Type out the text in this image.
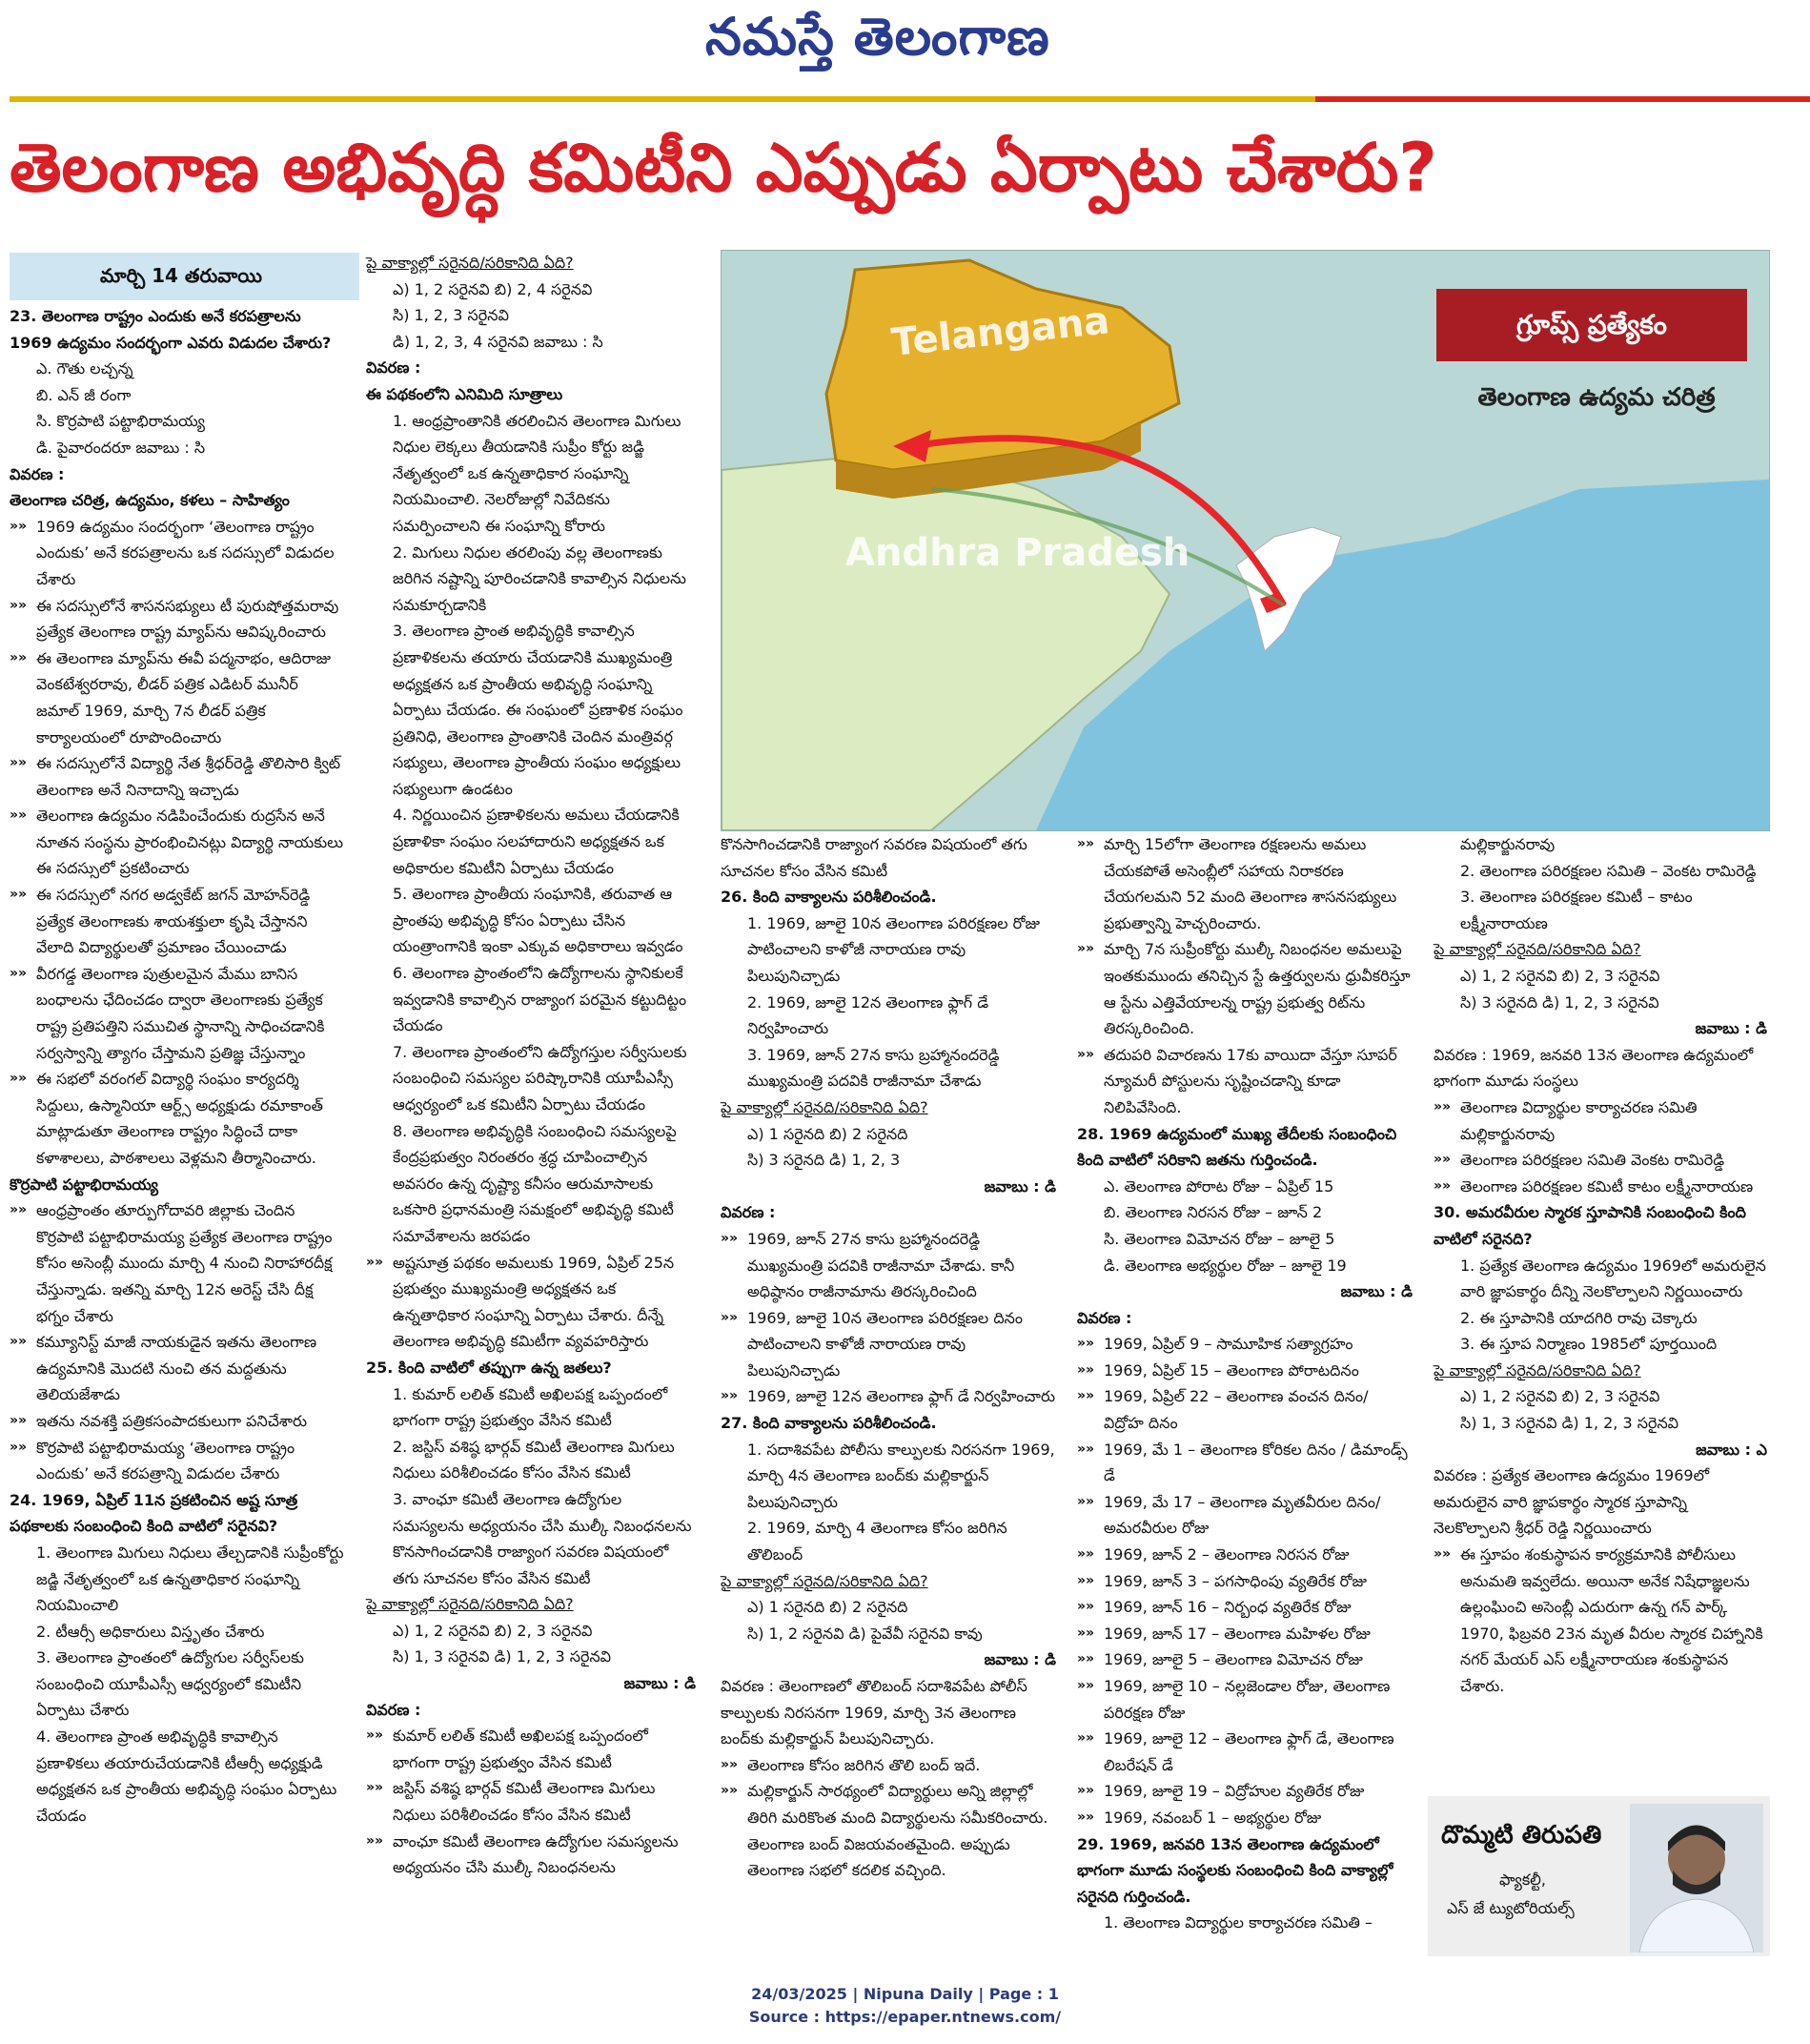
నమస్తే తెలంగాణ
తెలంగాణ అభివృద్ధి కమిటీని ఎప్పుడు ఏర్పాటు చేశారు?
మార్చి 14 తరువాయి
Telangana
Andhra Pradesh
గ్రూప్స్ ప్రత్యేకం
తెలంగాణ ఉద్యమ చరిత్ర

23. తెలంగాణ రాష్ట్రం ఎందుకు అనే కరపత్రాలను 1969 ఉద్యమం సందర్భంగా ఎవరు విడుదల చేశారు?

ఎ. గౌతు లచ్చన్న

బి. ఎన్ జీ రంగా

సి. కొర్రపాటి పట్టాభిరామయ్య

డి. పైవారందరూ జవాబు : సి

వివరణ :

తెలంగాణ చరిత్ర, ఉద్యమం, కళలు – సాహిత్యం

»» 1969 ఉద్యమం సందర్భంగా ‘తెలంగాణ రాష్ట్రం ఎందుకు’ అనే కరపత్రాలను ఒక సదస్సులో విడుదల చేశారు

»» ఈ సదస్సులోనే శాసనసభ్యులు టీ పురుషోత్తమరావు ప్రత్యేక తెలంగాణ రాష్ట్ర మ్యాప్‌ను ఆవిష్కరించారు

»» ఈ తెలంగాణ మ్యాప్‌ను ఈవీ పద్మనాభం, ఆదిరాజు వెంకటేశ్వరరావు, లీడర్ పత్రిక ఎడిటర్ మునీర్ జమాల్ 1969, మార్చి 7న లీడర్ పత్రిక కార్యాలయంలో రూపొందించారు

»» ఈ సదస్సులోనే విద్యార్థి నేత శ్రీధర్‌రెడ్డి తొలిసారి క్విట్ తెలంగాణ అనే నినాదాన్ని ఇచ్చాడు

»» తెలంగాణ ఉద్యమం నడిపించేందుకు రుద్రసేన అనే నూతన సంస్థను ప్రారంభించినట్లు విద్యార్థి నాయకులు ఈ సదస్సులో ప్రకటించారు

»» ఈ సదస్సులో నగర అడ్వకేట్ జగన్ మోహన్‌రెడ్డి ప్రత్యేక తెలంగాణకు శాయశక్తులా కృషి చేస్తానని వేలాది విద్యార్థులతో ప్రమాణం చేయించాడు

»» వీరగడ్డ తెలంగాణ పుత్రులమైన మేము బానిస బంధాలను ఛేదించడం ద్వారా తెలంగాణకు ప్రత్యేక రాష్ట్ర ప్రతిపత్తిని సముచిత స్థానాన్ని సాధించడానికి సర్వస్వాన్ని త్యాగం చేస్తామని ప్రతిజ్ఞ చేస్తున్నాం

»» ఈ సభలో వరంగల్ విద్యార్థి సంఘం కార్యదర్శి సిద్దులు, ఉస్మానియా ఆర్ట్స్ అధ్యక్షుడు రమాకాంత్ మాట్లాడుతూ తెలంగాణ రాష్ట్రం సిద్ధించే దాకా కళాశాలలు, పాఠశాలలు వెళ్లమని తీర్మానించారు.

కొర్రపాటి పట్టాభిరామయ్య

»» ఆంధ్రప్రాంతం తూర్పుగోదావరి జిల్లాకు చెందిన కొర్రపాటి పట్టాభిరామయ్య ప్రత్యేక తెలంగాణ రాష్ట్రం కోసం అసెంబ్లీ ముందు మార్చి 4 నుంచి నిరాహారదీక్ష చేస్తున్నాడు. ఇతన్ని మార్చి 12న అరెస్ట్ చేసి దీక్ష భగ్నం చేశారు

»» కమ్యూనిస్ట్ మాజీ నాయకుడైన ఇతను తెలంగాణ ఉద్యమానికి మొదటి నుంచి తన మద్దతును తెలియజేశాడు

»» ఇతను నవశక్తి పత్రికసంపాదకులుగా పనిచేశారు

»» కొర్రపాటి పట్టాభిరామయ్య ‘తెలంగాణ రాష్ట్రం ఎందుకు’ అనే కరపత్రాన్ని విడుదల చేశారు

24. 1969, ఏప్రిల్ 11న ప్రకటించిన అష్ట సూత్ర పథకాలకు సంబంధించి కింది వాటిలో సరైనవి?

1. తెలంగాణ మిగులు నిధులు తేల్చడానికి సుప్రీంకోర్టు జడ్జి నేతృత్వంలో ఒక ఉన్నతాధికార సంఘాన్ని నియమించాలి

2. టీఆర్సీ అధికారులు విస్తృతం చేశారు

3. తెలంగాణ ప్రాంతంలో ఉద్యోగుల సర్వీస్‌లకు సంబంధించి యూపీఎస్సీ ఆధ్వర్యంలో కమిటీని ఏర్పాటు చేశారు

4. తెలంగాణ ప్రాంత అభివృద్ధికి కావాల్సిన ప్రణాళికలు తయారుచేయడానికి టీఆర్సీ అధ్యక్షుడి అధ్యక్షతన ఒక ప్రాంతీయ అభివృద్ధి సంఘం ఏర్పాటు చేయడం

పై వాక్యాల్లో సరైనది/సరికానిది ఏది?

ఎ) 1, 2 సరైనవి బి) 2, 4 సరైనవి

సి) 1, 2, 3 సరైనవి

డి) 1, 2, 3, 4 సరైనవి జవాబు : సి

వివరణ :

ఈ పథకంలోని ఎనిమిది సూత్రాలు

1. ఆంధ్రప్రాంతానికి తరలించిన తెలంగాణ మిగులు నిధుల లెక్కలు తీయడానికి సుప్రీం కోర్టు జడ్జి నేతృత్వంలో ఒక ఉన్నతాధికార సంఘాన్ని నియమించాలి. నెలరోజుల్లో నివేదికను సమర్పించాలని ఈ సంఘాన్ని కోరారు

2. మిగులు నిధుల తరలింపు వల్ల తెలంగాణకు జరిగిన నష్టాన్ని పూరించడానికి కావాల్సిన నిధులను సమకూర్చడానికి

3. తెలంగాణ ప్రాంత అభివృద్ధికి కావాల్సిన ప్రణాళికలను తయారు చేయడానికి ముఖ్యమంత్రి అధ్యక్షతన ఒక ప్రాంతీయ అభివృద్ధి సంఘాన్ని ఏర్పాటు చేయడం. ఈ సంఘంలో ప్రణాళిక సంఘం ప్రతినిధి, తెలంగాణ ప్రాంతానికి చెందిన మంత్రివర్గ సభ్యులు, తెలంగాణ ప్రాంతీయ సంఘం అధ్యక్షులు సభ్యులుగా ఉండటం

4. నిర్ణయించిన ప్రణాళికలను అమలు చేయడానికి ప్రణాళికా సంఘం సలహాదారుని అధ్యక్షతన ఒక అధికారుల కమిటీని ఏర్పాటు చేయడం

5. తెలంగాణ ప్రాంతీయ సంఘానికి, తరువాత ఆ ప్రాంతపు అభివృద్ధి కోసం ఏర్పాటు చేసిన యంత్రాంగానికి ఇంకా ఎక్కువ అధికారాలు ఇవ్వడం

6. తెలంగాణ ప్రాంతంలోని ఉద్యోగాలను స్థానికులకే ఇవ్వడానికి కావాల్సిన రాజ్యాంగ పరమైన కట్టుదిట్టం చేయడం

7. తెలంగాణ ప్రాంతంలోని ఉద్యోగస్తుల సర్వీసులకు సంబంధించి సమస్యల పరిష్కారానికి యూపీఎస్సీ ఆధ్వర్యంలో ఒక కమిటీని ఏర్పాటు చేయడం

8. తెలంగాణ అభివృద్ధికి సంబంధించి సమస్యలపై కేంద్రప్రభుత్వం నిరంతరం శ్రద్ధ చూపించాల్సిన అవసరం ఉన్న దృష్ట్యా కనీసం ఆరుమాసాలకు ఒకసారి ప్రధానమంత్రి సమక్షంలో అభివృద్ధి కమిటీ సమావేశాలను జరపడం

»» అష్టసూత్ర పథకం అమలుకు 1969, ఏప్రిల్ 25న ప్రభుత్వం ముఖ్యమంత్రి అధ్యక్షతన ఒక ఉన్నతాధికార సంఘాన్ని ఏర్పాటు చేశారు. దీన్నే తెలంగాణ అభివృద్ధి కమిటీగా వ్యవహరిస్తారు

25. కింది వాటిలో తప్పుగా ఉన్న జతలు?

1. కుమార్ లలిత్ కమిటీ అఖిలపక్ష ఒప్పందంలో భాగంగా రాష్ట్ర ప్రభుత్వం వేసిన కమిటీ

2. జస్టిస్ వశిష్ఠ భార్గవ్ కమిటీ తెలంగాణ మిగులు నిధులు పరిశీలించడం కోసం వేసిన కమిటీ

3. వాంఛూ కమిటీ తెలంగాణ ఉద్యోగుల సమస్యలను అధ్యయనం చేసి ముల్కీ నిబంధనలను కొనసాగించడానికి రాజ్యాంగ సవరణ విషయంలో తగు సూచనల కోసం వేసిన కమిటీ

పై వాక్యాల్లో సరైనది/సరికానిది ఏది?

ఎ) 1, 2 సరైనవి బి) 2, 3 సరైనవి

సి) 1, 3 సరైనవి డి) 1, 2, 3 సరైనవి

జవాబు : డి

వివరణ :

»» కుమార్ లలిత్ కమిటీ అఖిలపక్ష ఒప్పందంలో భాగంగా రాష్ట్ర ప్రభుత్వం వేసిన కమిటీ

»» జస్టిస్ వశిష్ఠ భార్గవ్ కమిటీ తెలంగాణ మిగులు నిధులు పరిశీలించడం కోసం వేసిన కమిటీ

»» వాంఛూ కమిటీ తెలంగాణ ఉద్యోగుల సమస్యలను అధ్యయనం చేసి ముల్కీ నిబంధనలను

కొనసాగించడానికి రాజ్యాంగ సవరణ విషయంలో తగు సూచనల కోసం వేసిన కమిటీ

26. కింది వాక్యాలను పరిశీలించండి.

1. 1969, జూలై 10న తెలంగాణ పరిరక్షణల రోజు పాటించాలని కాళోజీ నారాయణ రావు పిలుపునిచ్చాడు

2. 1969, జూలై 12న తెలంగాణ ఫ్లాగ్ డే నిర్వహించారు

3. 1969, జూన్ 27న కాసు బ్రహ్మానందరెడ్డి ముఖ్యమంత్రి పదవికి రాజీనామా చేశాడు

పై వాక్యాల్లో సరైనది/సరికానిది ఏది?

ఎ) 1 సరైనది బి) 2 సరైనది

సి) 3 సరైనది డి) 1, 2, 3

జవాబు : డి

వివరణ :

»» 1969, జూన్ 27న కాసు బ్రహ్మానందరెడ్డి ముఖ్యమంత్రి పదవికి రాజీనామా చేశాడు. కానీ అధిష్ఠానం రాజీనామాను తిరస్కరించింది

»» 1969, జూలై 10న తెలంగాణ పరిరక్షణల దినం పాటించాలని కాళోజీ నారాయణ రావు పిలుపునిచ్చాడు

»» 1969, జూలై 12న తెలంగాణ ఫ్లాగ్ డే నిర్వహించారు

27. కింది వాక్యాలను పరిశీలించండి.

1. సదాశివపేట పోలీసు కాల్పులకు నిరసనగా 1969, మార్చి 4న తెలంగాణ బంద్‌కు మల్లికార్జున్ పిలుపునిచ్చారు

2. 1969, మార్చి 4 తెలంగాణ కోసం జరిగిన తొలిబంద్

పై వాక్యాల్లో సరైనది/సరికానిది ఏది?

ఎ) 1 సరైనది బి) 2 సరైనది

సి) 1, 2 సరైనవి డి) పైవేవీ సరైనవి కావు

జవాబు : డి

వివరణ : తెలంగాణలో తొలిబంద్ సదాశివపేట పోలీస్ కాల్పులకు నిరసనగా 1969, మార్చి 3న తెలంగాణ బంద్‌కు మల్లికార్జున్ పిలుపునిచ్చారు.

»» తెలంగాణ కోసం జరిగిన తొలి బంద్ ఇదే.

»» మల్లికార్జున్ సారథ్యంలో విద్యార్థులు అన్ని జిల్లాల్లో తిరిగి మరికొంత మంది విద్యార్థులను సమీకరించారు. తెలంగాణ బంద్ విజయవంతమైంది. అప్పుడు తెలంగాణ సభలో కదలిక వచ్చింది.

»» మార్చి 15లోగా తెలంగాణ రక్షణలను అమలు చేయకపోతే అసెంబ్లీలో సహాయ నిరాకరణ చేయగలమని 52 మంది తెలంగాణ శాసనసభ్యులు ప్రభుత్వాన్ని హెచ్చరించారు.

»» మార్చి 7న సుప్రీంకోర్టు ముల్కీ నిబంధనల అమలుపై ఇంతకుముందు తనిచ్చిన స్టే ఉత్తర్వులను ధ్రువీకరిస్తూ ఆ స్టేను ఎత్తివేయాలన్న రాష్ట్ర ప్రభుత్వ రిట్‌ను తిరస్కరించింది.

»» తదుపరి విచారణను 17కు వాయిదా వేస్తూ సూపర్ న్యూమరీ పోస్టులను సృష్టించడాన్ని కూడా నిలిపివేసింది.

28. 1969 ఉద్యమంలో ముఖ్య తేదీలకు సంబంధించి కింది వాటిలో సరికాని జతను గుర్తించండి.

ఎ. తెలంగాణ పోరాట రోజు – ఏప్రిల్ 15

బి. తెలంగాణ నిరసన రోజు – జూన్ 2

సి. తెలంగాణ విమోచన రోజు – జూలై 5

డి. తెలంగాణ అభ్యర్థుల రోజు – జూలై 19

జవాబు : డి

వివరణ :

»» 1969, ఏప్రిల్ 9 – సామూహిక సత్యాగ్రహం

»» 1969, ఏప్రిల్ 15 – తెలంగాణ పోరాటదినం

»» 1969, ఏప్రిల్ 22 – తెలంగాణ వంచన దినం/ విద్రోహ దినం

»» 1969, మే 1 – తెలంగాణ కోరికల దినం / డిమాండ్స్ డే

»» 1969, మే 17 – తెలంగాణ మృతవీరుల దినం/ అమరవీరుల రోజు

»» 1969, జూన్ 2 – తెలంగాణ నిరసన రోజు

»» 1969, జూన్ 3 – పగసాధింపు వ్యతిరేక రోజు

»» 1969, జూన్ 16 – నిర్బంధ వ్యతిరేక రోజు

»» 1969, జూన్ 17 – తెలంగాణ మహిళల రోజు

»» 1969, జూలై 5 – తెలంగాణ విమోచన రోజు

»» 1969, జూలై 10 – నల్లజెండాల రోజు, తెలంగాణ పరిరక్షణ రోజు

»» 1969, జూలై 12 – తెలంగాణ ఫ్లాగ్ డే, తెలంగాణ లిబరేషన్ డే

»» 1969, జూలై 19 – విద్రోహుల వ్యతిరేక రోజు

»» 1969, నవంబర్ 1 – అభ్యర్థుల రోజు

29. 1969, జనవరి 13న తెలంగాణ ఉద్యమంలో భాగంగా మూడు సంస్థలకు సంబంధించి కింది వాక్యాల్లో సరైనది గుర్తించండి.

1. తెలంగాణ విద్యార్థుల కార్యాచరణ సమితి –

మల్లికార్జునరావు

2. తెలంగాణ పరిరక్షణల సమితి – వెంకట రామిరెడ్డి

3. తెలంగాణ పరిరక్షణల కమిటీ – కాటం లక్ష్మీనారాయణ

పై వాక్యాల్లో సరైనది/సరికానిది ఏది?

ఎ) 1, 2 సరైనవి బి) 2, 3 సరైనవి

సి) 3 సరైనది డి) 1, 2, 3 సరైనవి

జవాబు : డి

వివరణ : 1969, జనవరి 13న తెలంగాణ ఉద్యమంలో భాగంగా మూడు సంస్థలు

»» తెలంగాణ విద్యార్థుల కార్యాచరణ సమితి మల్లికార్జునరావు

»» తెలంగాణ పరిరక్షణల సమితి వెంకట రామిరెడ్డి

»» తెలంగాణ పరిరక్షణల కమిటీ కాటం లక్ష్మీనారాయణ

30. అమరవీరుల స్మారక స్తూపానికి సంబంధించి కింది వాటిలో సరైనది?

1. ప్రత్యేక తెలంగాణ ఉద్యమం 1969లో అమరులైన వారి జ్ఞాపకార్థం దీన్ని నెలకొల్పాలని నిర్ణయించారు

2. ఈ స్తూపానికి యాదగిరి రావు చెక్కారు

3. ఈ స్తూప నిర్మాణం 1985లో పూర్తయింది

పై వాక్యాల్లో సరైనది/సరికానిది ఏది?

ఎ) 1, 2 సరైనవి బి) 2, 3 సరైనవి

సి) 1, 3 సరైనవి డి) 1, 2, 3 సరైనవి

జవాబు : ఎ

వివరణ : ప్రత్యేక తెలంగాణ ఉద్యమం 1969లో అమరులైన వారి జ్ఞాపకార్థం స్మారక స్తూపాన్ని నెలకొల్పాలని శ్రీధర్ రెడ్డి నిర్ణయించారు

»» ఈ స్తూపం శంకుస్థాపన కార్యక్రమానికి పోలీసులు అనుమతి ఇవ్వలేదు. అయినా అనేక నిషేధాజ్ఞలను ఉల్లంఘించి అసెంబ్లీ ఎదురుగా ఉన్న గన్ పార్క్ 1970, ఫిబ్రవరి 23న మృత వీరుల స్మారక చిహ్నానికి నగర్ మేయర్ ఎస్ లక్ష్మీనారాయణ శంకుస్థాపన చేశారు.

దొమ్మటి తిరుపతి
ఫ్యాకల్టీ,
ఎస్ జే ట్యుటోరియల్స్
24/03/2025 | Nipuna Daily | Page : 1
Source : https://epaper.ntnews.com/
